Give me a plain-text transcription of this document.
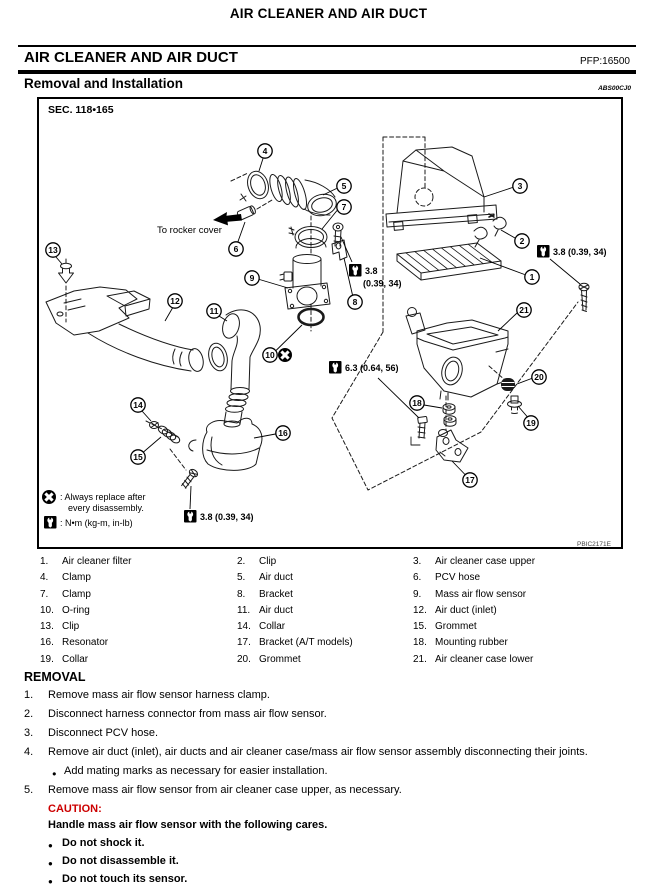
AIR CLEANER AND AIR DUCT
AIR CLEANER AND AIR DUCT	PFP:16500
Removal and Installation	ABS00CJ0
SEC. 118•165
To rocker cover
PBIC2171E
: Always replace after
every disassembly.
: N•m (kg-m, in-lb)
3.8
(0.39, 34)
3.8 (0.39, 34)
6.3 (0.64, 56)
3.8 (0.39, 34)
1
2
3
4
5
6
7
8
9
10
11
12
13
14
15
16
17
18
19
20
21
1. Air cleaner filter	2. Clip	3. Air cleaner case upper
4. Clamp	5. Air duct	6. PCV hose
7. Clamp	8. Bracket	9. Mass air flow sensor
10. O-ring	11. Air duct	12. Air duct (inlet)
13. Clip	14. Collar	15. Grommet
16. Resonator	17. Bracket (A/T models)	18. Mounting rubber
19. Collar	20. Grommet	21. Air cleaner case lower
REMOVAL
1. Remove mass air flow sensor harness clamp.
2. Disconnect harness connector from mass air flow sensor.
3. Disconnect PCV hose.
4. Remove air duct (inlet), air ducts and air cleaner case/mass air flow sensor assembly disconnecting their joints.
● Add mating marks as necessary for easier installation.
5. Remove mass air flow sensor from air cleaner case upper, as necessary.
CAUTION:
Handle mass air flow sensor with the following cares.
● Do not shock it.
● Do not disassemble it.
● Do not touch its sensor.
